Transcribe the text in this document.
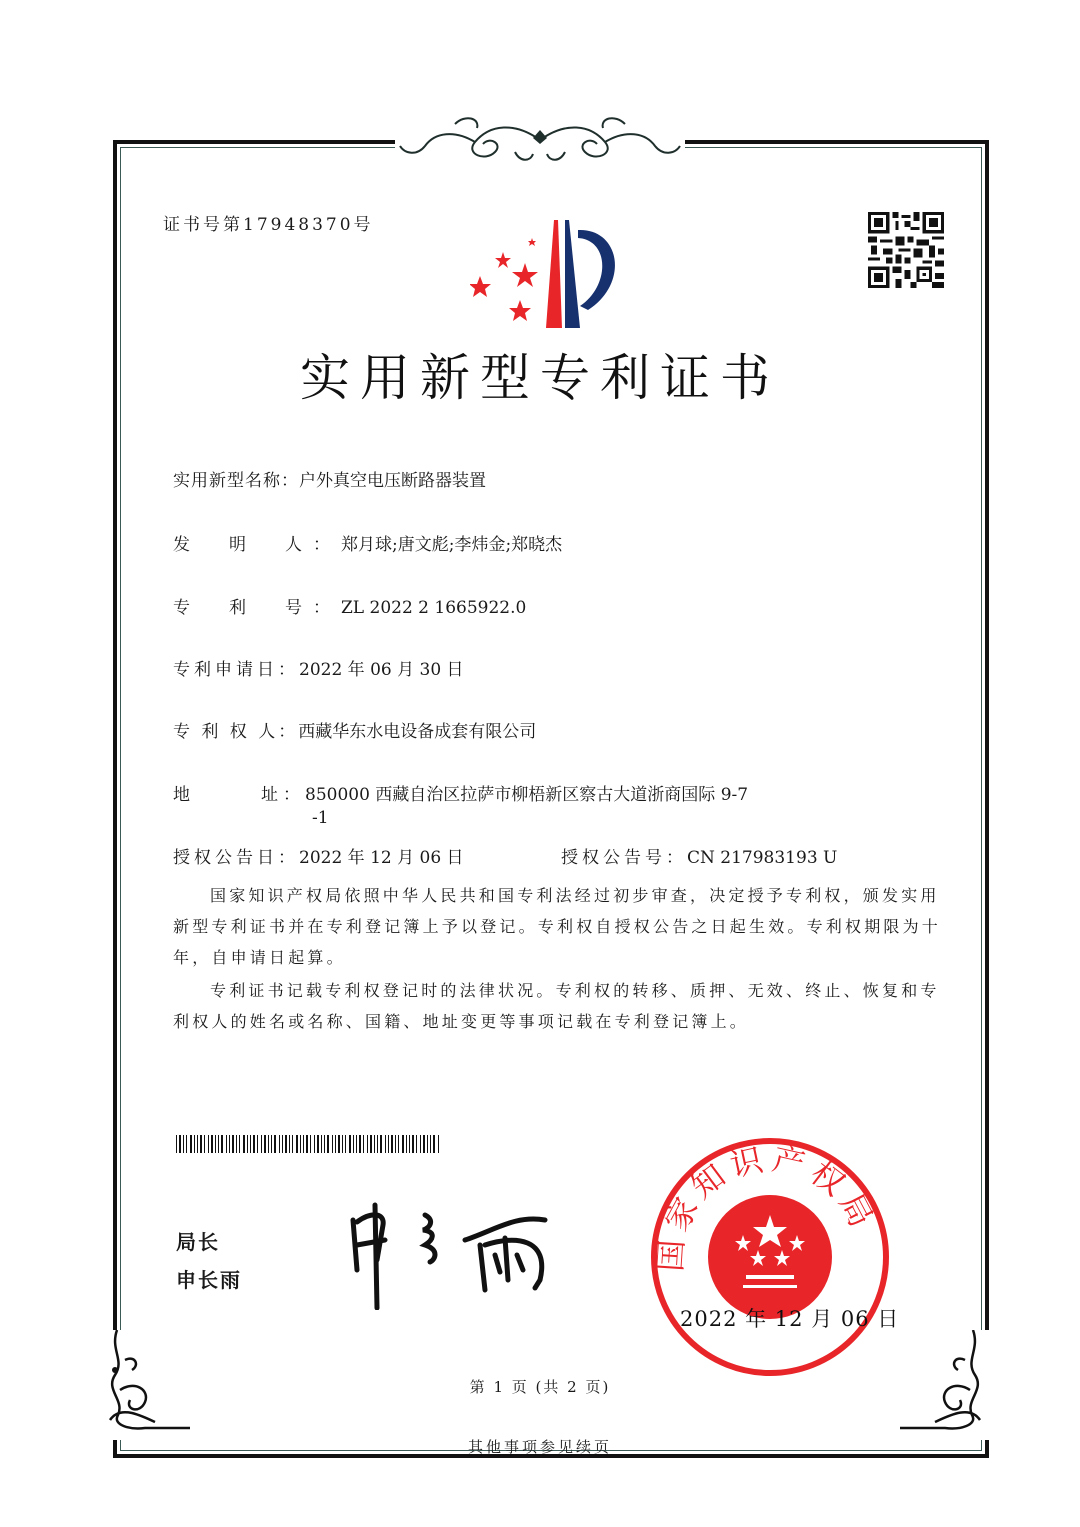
证书号第17948370号
实用新型专利证书
实用新型名称：户外真空电压断路器装置
发　明　人：郑月球;唐文彪;李炜金;郑晓杰
专　利　号：ZL 2022 2 1665922.0
专利申请日：2022 年 06 月 30 日
专 利 权 人：西藏华东水电设备成套有限公司
地　　　址：850000 西藏自治区拉萨市柳梧新区察古大道浙商国际 9-7
-1
授权公告日：2022 年 12 月 06 日	授权公告号：CN 217983193 U
国家知识产权局依照中华人民共和国专利法经过初步审查，决定授予专利权，颁发实用新型专利证书并在专利登记簿上予以登记。专利权自授权公告之日起生效。专利权期限为十年，自申请日起算。
专利证书记载专利权登记时的法律状况。专利权的转移、质押、无效、终止、恢复和专利权人的姓名或名称、国籍、地址变更等事项记载在专利登记簿上。
局长
申长雨
国家知识产权局
2022 年 12 月 06 日
第 1 页 (共 2 页)
其他事项参见续页
